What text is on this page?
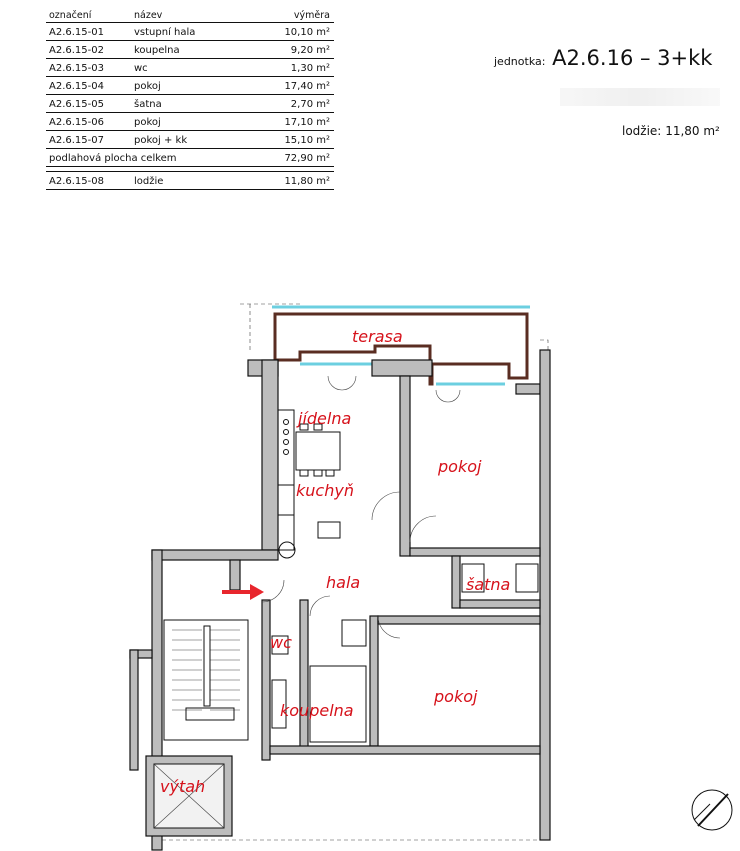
označení	název	výměra
A2.6.15-01	vstupní hala	10,10 m²
A2.6.15-02	koupelna	9,20 m²
A2.6.15-03	wc	1,30 m²
A2.6.15-04	pokoj	17,40 m²
A2.6.15-05	šatna	2,70 m²
A2.6.15-06	pokoj	17,10 m²
A2.6.15-07	pokoj + kk	15,10 m²
podlahová plocha celkem		72,90 m²

A2.6.15-08	lodžie	11,80 m²
jednotka: A2.6.16 – 3+kk
lodžie: 11,80 m²
terasa
jídelna
pokoj
kuchyň
hala	šatna
wc
pokoj
koupelna
výtah
